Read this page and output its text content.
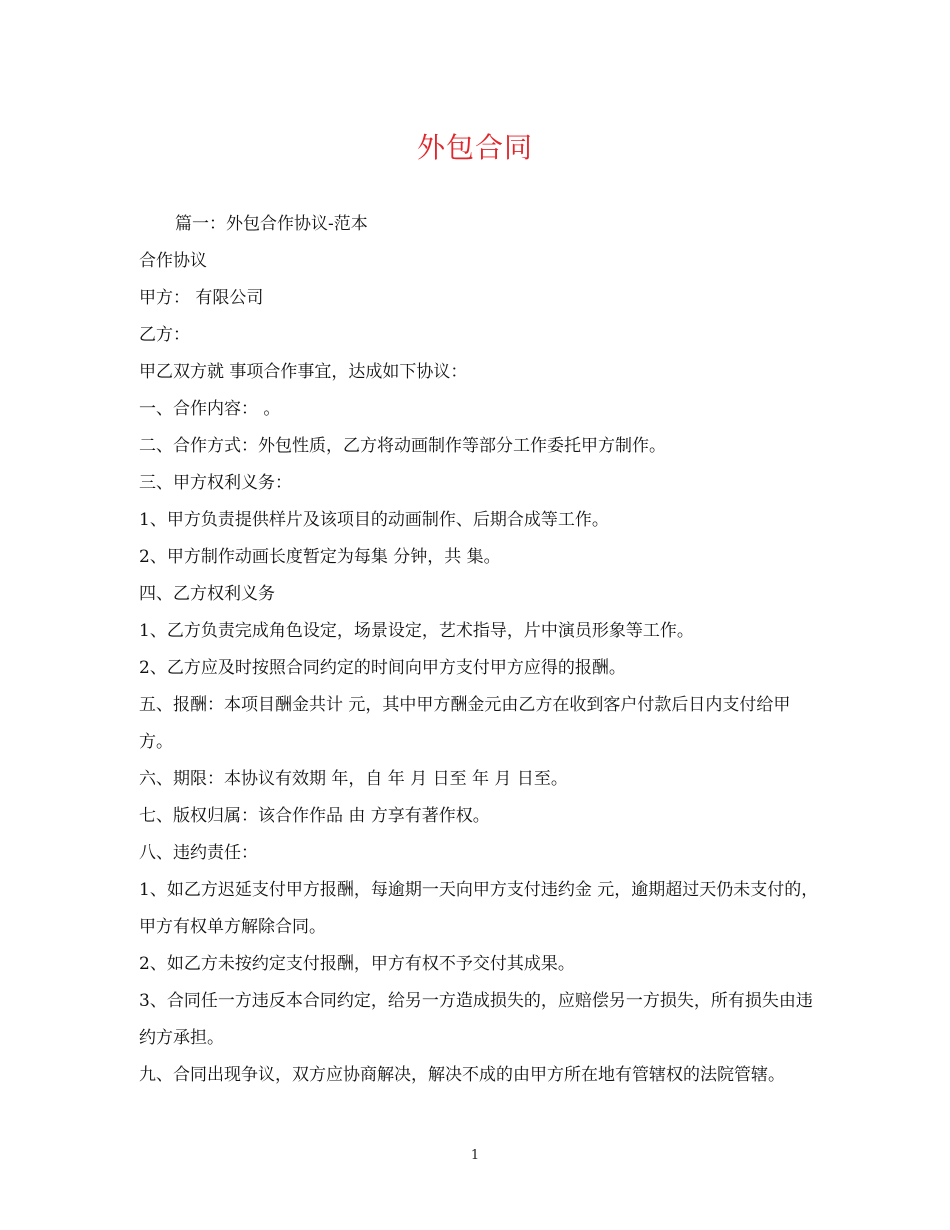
外包合同

篇一：外包合作协议-范本

合作协议

甲方： 有限公司

乙方：

甲乙双方就 事项合作事宜，达成如下协议：

一、合作内容： 。

二、合作方式：外包性质，乙方将动画制作等部分工作委托甲方制作。

三、甲方权利义务：

1、甲方负责提供样片及该项目的动画制作、后期合成等工作。

2、甲方制作动画长度暂定为每集 分钟，共 集。

四、乙方权利义务

1、乙方负责完成角色设定，场景设定，艺术指导，片中演员形象等工作。

2、乙方应及时按照合同约定的时间向甲方支付甲方应得的报酬。

五、报酬：本项目酬金共计 元，其中甲方酬金元由乙方在收到客户付款后日内支付给甲方。

六、期限：本协议有效期 年，自 年 月 日至 年 月 日至。

七、版权归属：该合作作品 由 方享有著作权。

八、违约责任：

1、如乙方迟延支付甲方报酬，每逾期一天向甲方支付违约金 元，逾期超过天仍未支付的，甲方有权单方解除合同。

2、如乙方未按约定支付报酬，甲方有权不予交付其成果。

3、合同任一方违反本合同约定，给另一方造成损失的，应赔偿另一方损失，所有损失由违约方承担。

九、合同出现争议，双方应协商解决，解决不成的由甲方所在地有管辖权的法院管辖。

1
